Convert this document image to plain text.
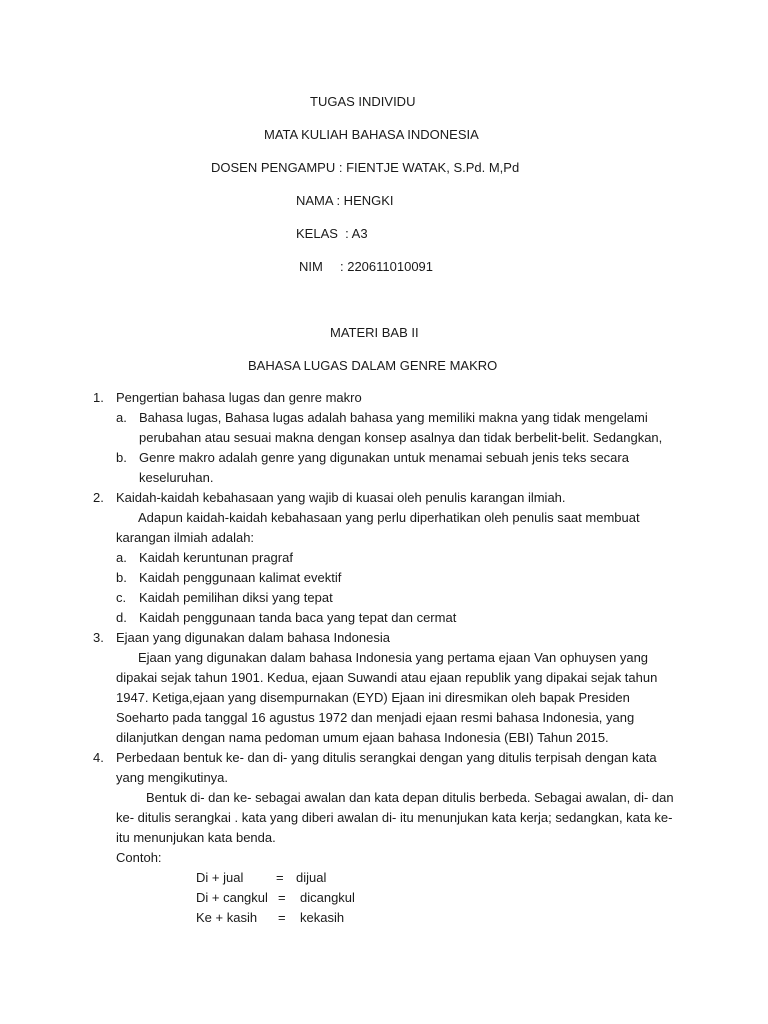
TUGAS INDIVIDU
MATA KULIAH BAHASA INDONESIA
DOSEN PENGAMPU : FIENTJE WATAK, S.Pd. M,Pd
NAMA : HENGKI
KELAS  : A3
NIM : 220611010091
MATERI BAB II
BAHASA LUGAS DALAM GENRE MAKRO
1. Pengertian bahasa lugas dan genre makro
a. Bahasa lugas, Bahasa lugas adalah bahasa yang memiliki makna yang tidak mengelami perubahan atau sesuai makna dengan konsep asalnya dan tidak berbelit-belit. Sedangkan,
b. Genre makro adalah genre yang digunakan untuk menamai sebuah jenis teks secara keseluruhan.
2. Kaidah-kaidah kebahasaan yang wajib di kuasai oleh penulis karangan ilmiah.
Adapun kaidah-kaidah kebahasaan yang perlu diperhatikan oleh penulis saat membuat karangan ilmiah adalah:
a. Kaidah keruntunan pragraf
b. Kaidah penggunaan kalimat evektif
c. Kaidah pemilihan diksi yang tepat
d. Kaidah penggunaan tanda baca yang tepat dan cermat
3. Ejaan yang digunakan dalam bahasa Indonesia
Ejaan yang digunakan dalam bahasa Indonesia yang pertama ejaan Van ophuysen yang dipakai sejak tahun 1901. Kedua, ejaan Suwandi atau ejaan republik yang dipakai sejak tahun 1947. Ketiga,ejaan yang disempurnakan (EYD) Ejaan ini diresmikan oleh bapak Presiden Soeharto pada tanggal 16 agustus 1972 dan menjadi ejaan resmi bahasa Indonesia, yang dilanjutkan dengan nama pedoman umum ejaan bahasa Indonesia (EBI) Tahun 2015.
4. Perbedaan bentuk ke- dan di- yang ditulis serangkai dengan yang ditulis terpisah dengan kata yang mengikutinya.
Bentuk di- dan ke- sebagai awalan dan kata depan ditulis berbeda. Sebagai awalan, di- dan ke- ditulis serangkai . kata yang diberi awalan di- itu menunjukan kata kerja; sedangkan, kata ke- itu menunjukan kata benda.
Contoh:
Di + jual	= dijual
Di + cangkul = dicangkul
Ke + kasih = kekasih
